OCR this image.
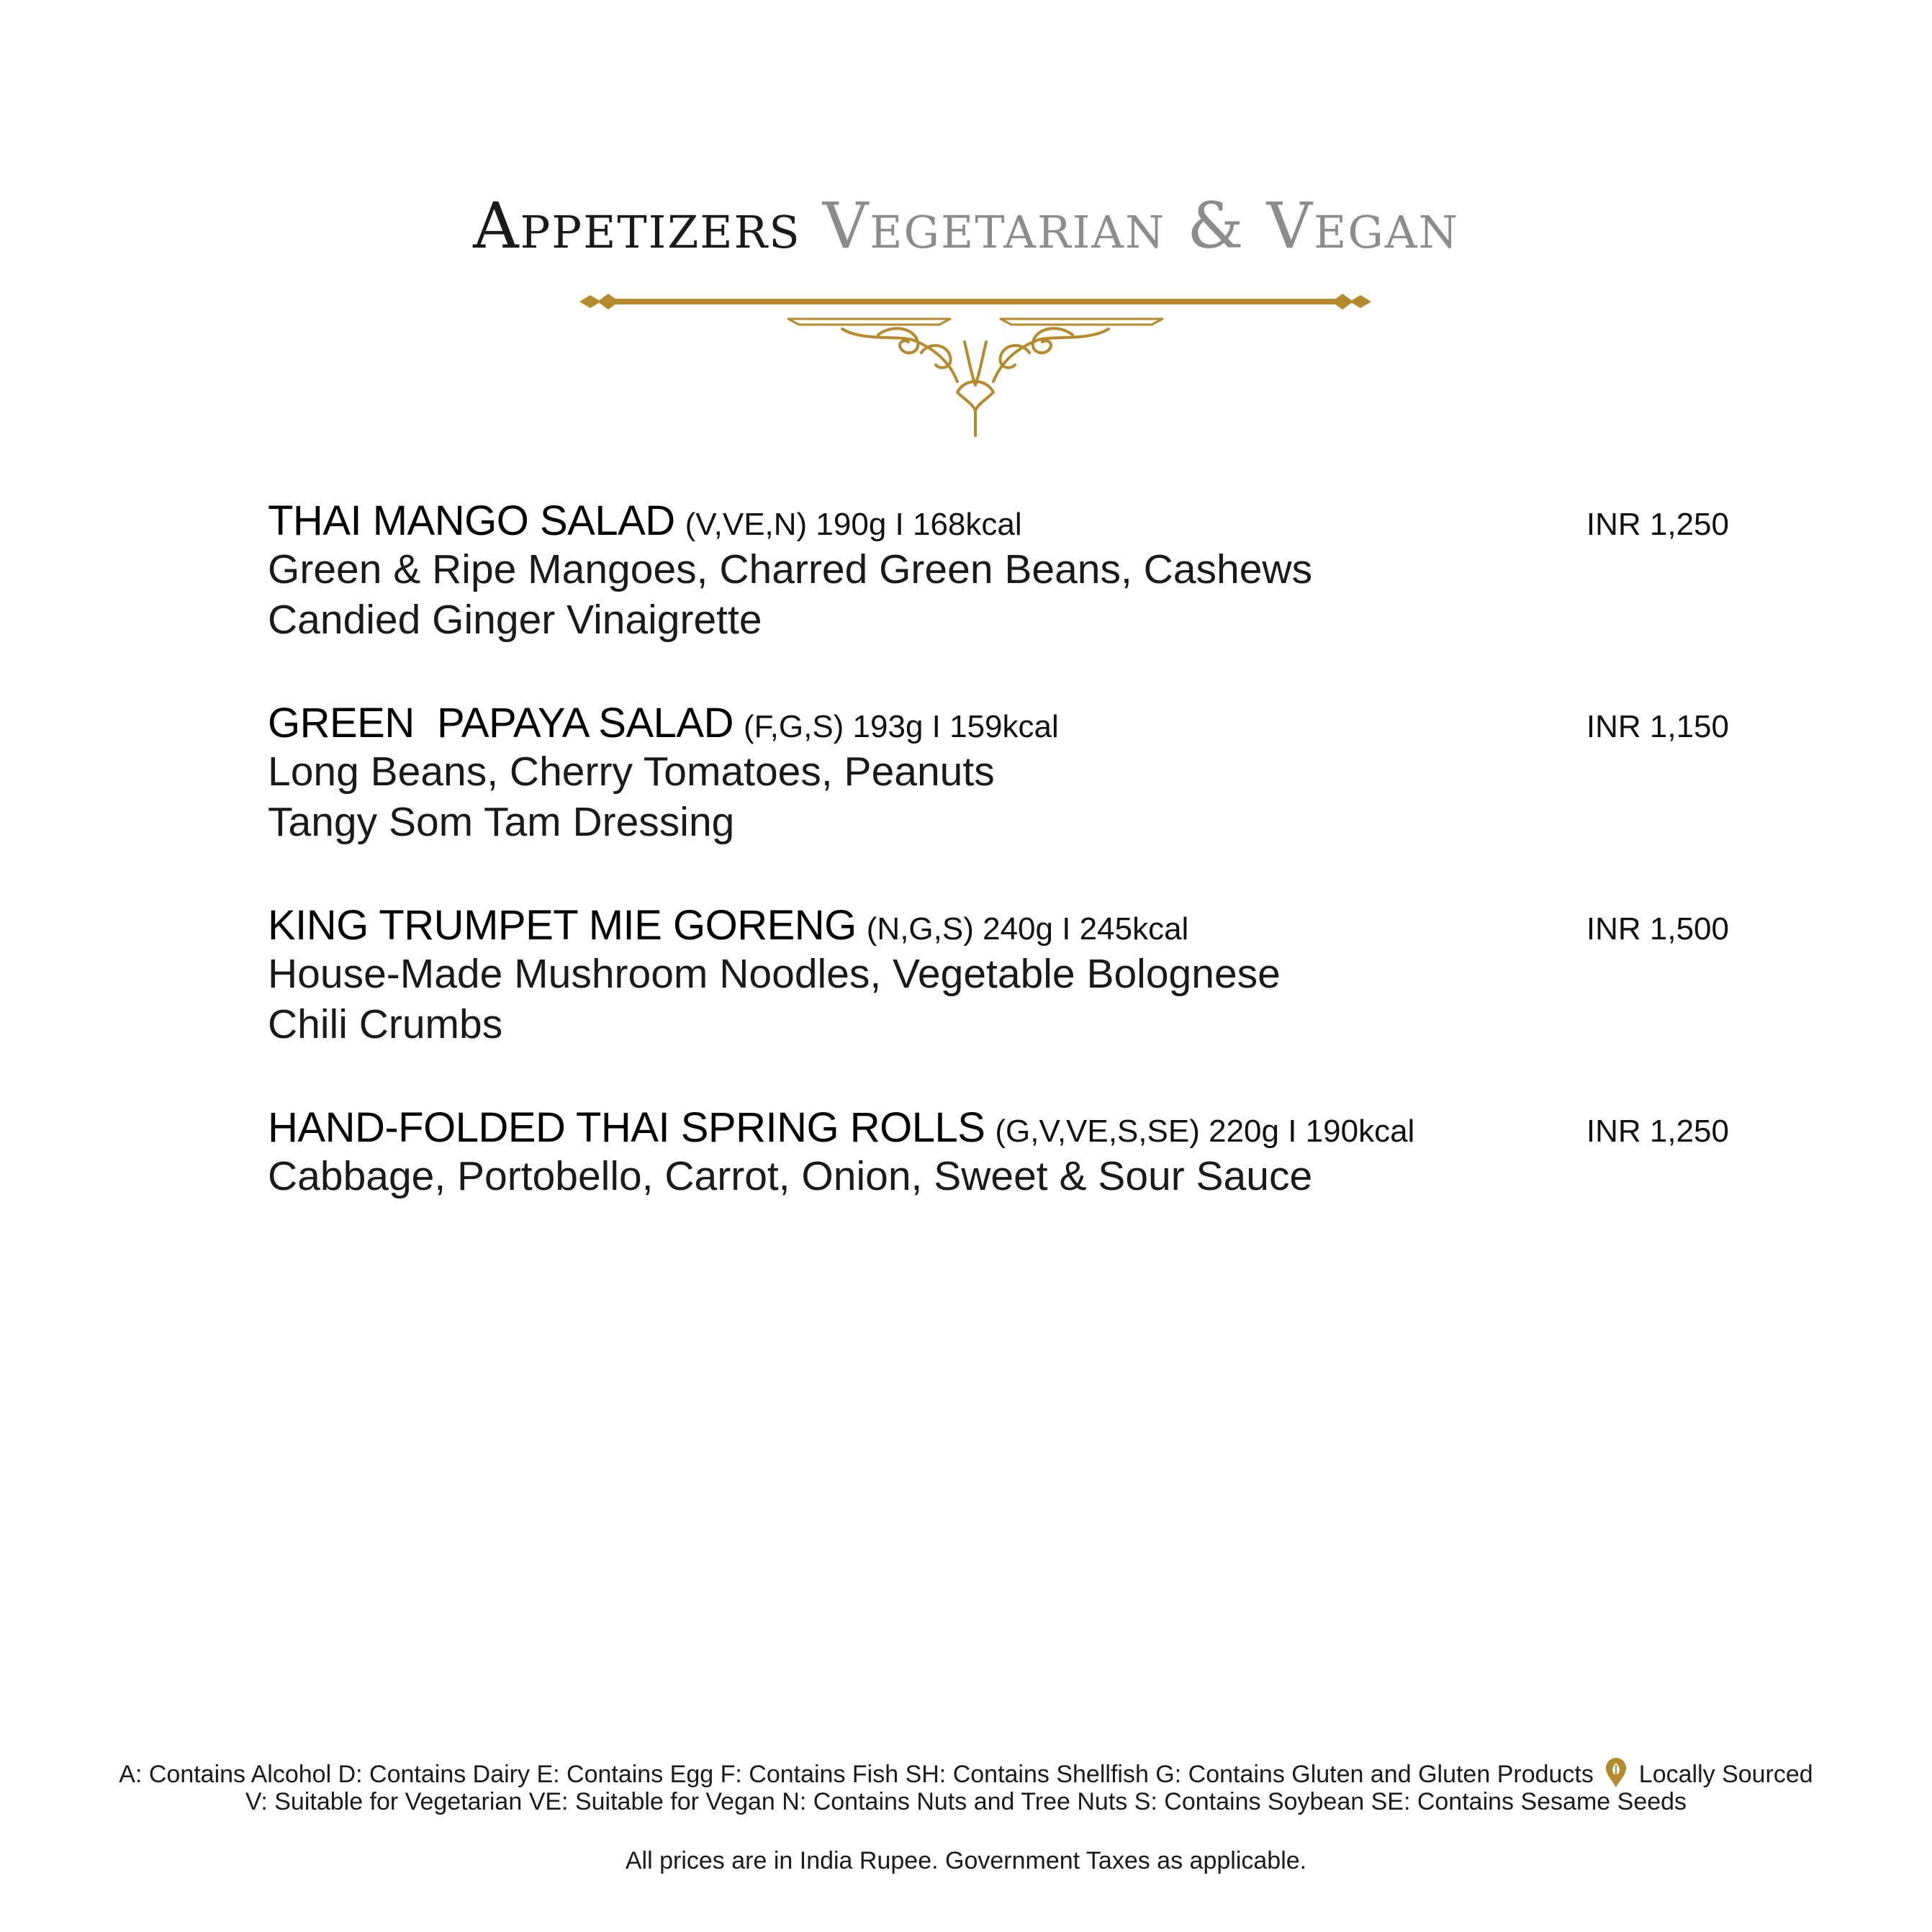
Appetizers Vegetarian & Vegan
THAI MANGO SALAD (V,VE,N) 190g I 168kcal	INR 1,250
Green & Ripe Mangoes, Charred Green Beans, Cashews
Candied Ginger Vinaigrette
GREEN  PAPAYA SALAD (F,G,S) 193g I 159kcal	INR 1,150
Long Beans, Cherry Tomatoes, Peanuts
Tangy Som Tam Dressing
KING TRUMPET MIE GORENG (N,G,S) 240g I 245kcal	INR 1,500
House-Made Mushroom Noodles, Vegetable Bolognese
Chili Crumbs
HAND-FOLDED THAI SPRING ROLLS (G,V,VE,S,SE) 220g I 190kcal	INR 1,250
Cabbage, Portobello, Carrot, Onion, Sweet & Sour Sauce
A: Contains Alcohol D: Contains Dairy E: Contains Egg F: Contains Fish SH: Contains Shellfish G: Contains Gluten and Gluten Products Locally Sourced
V: Suitable for Vegetarian VE: Suitable for Vegan N: Contains Nuts and Tree Nuts S: Contains Soybean SE: Contains Sesame Seeds
All prices are in India Rupee. Government Taxes as applicable.
